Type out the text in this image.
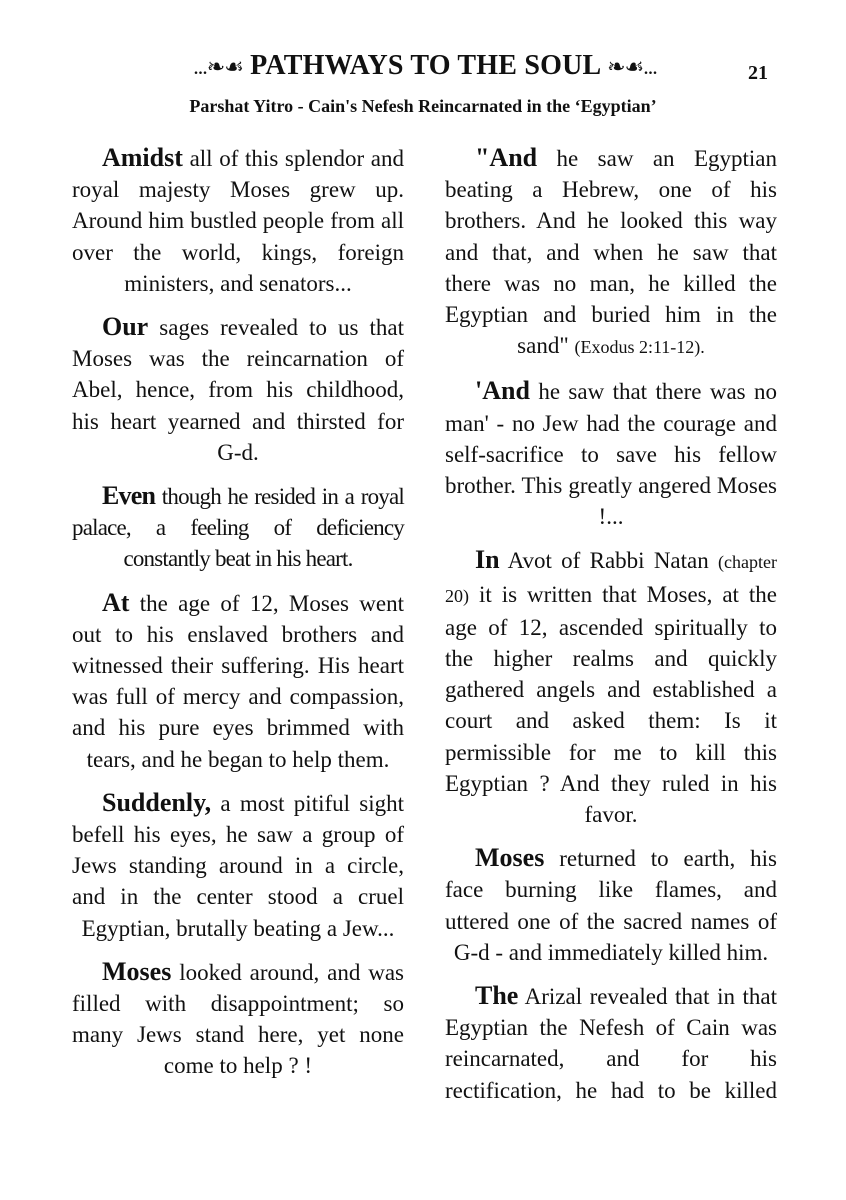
...❧☙ PATHWAYS TO THE SOUL ❧☙...	21
Parshat Yitro - Cain's Nefesh Reincarnated in the ‘Egyptian’

Amidst all of this splendor and royal majesty Moses grew up. Around him bustled people from all over the world, kings, foreign ministers, and senators...

Our sages revealed to us that Moses was the reincarnation of Abel, hence, from his childhood, his heart yearned and thirsted for G-d.

Even though he resided in a royal palace, a feeling of deficiency constantly beat in his heart.

At the age of 12, Moses went out to his enslaved brothers and witnessed their suffering. His heart was full of mercy and compassion, and his pure eyes brimmed with tears, and he began to help them.

Suddenly, a most pitiful sight befell his eyes, he saw a group of Jews standing around in a circle, and in the center stood a cruel Egyptian, brutally beating a Jew...

Moses looked around, and was filled with disappointment; so many Jews stand here, yet none come to help ? !

"And he saw an Egyptian beating a Hebrew, one of his brothers. And he looked this way and that, and when he saw that there was no man, he killed the Egyptian and buried him in the sand" (Exodus 2:11-12).

'And he saw that there was no man' - no Jew had the courage and self-sacrifice to save his fellow brother. This greatly angered Moses !...

In Avot of Rabbi Natan (chapter 20) it is written that Moses, at the age of 12, ascended spiritually to the higher realms and quickly gathered angels and established a court and asked them: Is it permissible for me to kill this Egyptian ? And they ruled in his favor.

Moses returned to earth, his face burning like flames, and uttered one of the sacred names of G-d - and immediately killed him.

The Arizal revealed that in that Egyptian the Nefesh of Cain was reincarnated, and for his rectification, he had to be killed
